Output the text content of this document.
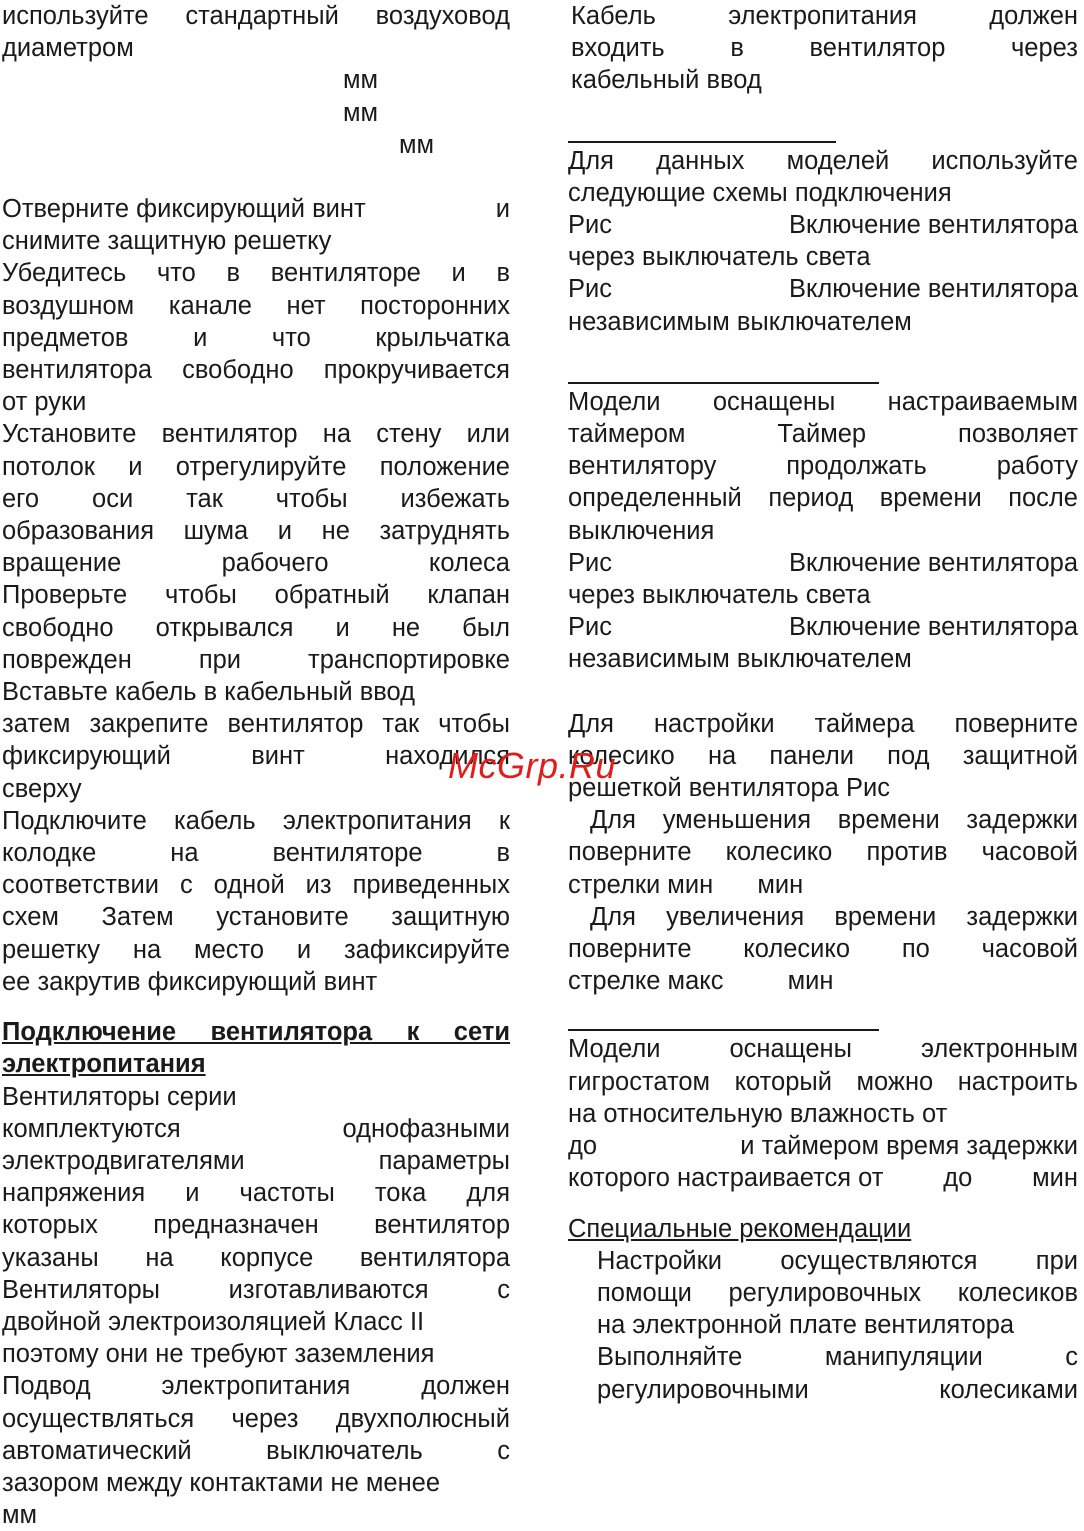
используйте стандартный воздуховод

диаметром

мм

мм

мм

Отверните фиксирующий винт	и

снимите защитную решетку

Убедитесь что в вентиляторе и в

воздушном канале нет посторонних

предметов и что крыльчатка

вентилятора свободно прокручивается

от руки

Установите вентилятор на стену или

потолок и отрегулируйте положение

его оси так чтобы избежать

образования шума и не затруднять

вращение рабочего колеса

Проверьте чтобы обратный клапан

свободно открывался и не был

поврежден при транспортировке

Вставьте кабель в кабельный ввод

затем закрепите вентилятор так чтобы

фиксирующий винт находился

сверху

Подключите кабель электропитания к

колодке на вентиляторе в

соответствии с одной из приведенных

схем Затем установите защитную

решетку на место и зафиксируйте

ее закрутив фиксирующий винт

Подключение вентилятора к сети

электропитания

Вентиляторы серии

комплектуются однофазными

электродвигателями параметры

напряжения и частоты тока для

которых предназначен вентилятор

указаны на корпусе вентилятора

Вентиляторы изготавливаются с

двойной электроизоляцией Класс II

поэтому они не требуют заземления

Подвод электропитания должен

осуществляться через двухполюсный

автоматический выключатель с

зазором между контактами не менее

мм

Кабель электропитания должен

входить в вентилятор через

кабельный ввод

Для данных моделей используйте

следующие схемы подключения

Рис	Включение вентилятора

через выключатель света

Рис	Включение вентилятора

независимым выключателем

Модели оснащены настраиваемым

таймером Таймер позволяет

вентилятору продолжать работу

определенный период времени после

выключения

Рис	Включение вентилятора

через выключатель света

Рис	Включение вентилятора

независимым выключателем

Для настройки таймера поверните

колесико на панели под защитной

решеткой вентилятора Рис

Для уменьшения времени задержки

поверните колесико против часовой

стрелки мин мин

Для увеличения времени задержки

поверните колесико по часовой

стрелке макс	мин

Модели оснащены электронным

гигростатом который можно настроить

на относительную влажность от

до	и таймером время задержки

которого настраивается от до мин

Специальные рекомендации

Настройки осуществляются при

помощи регулировочных колесиков

на электронной плате вентилятора

Выполняйте манипуляции с

регулировочными колесиками

McGrp.Ru
